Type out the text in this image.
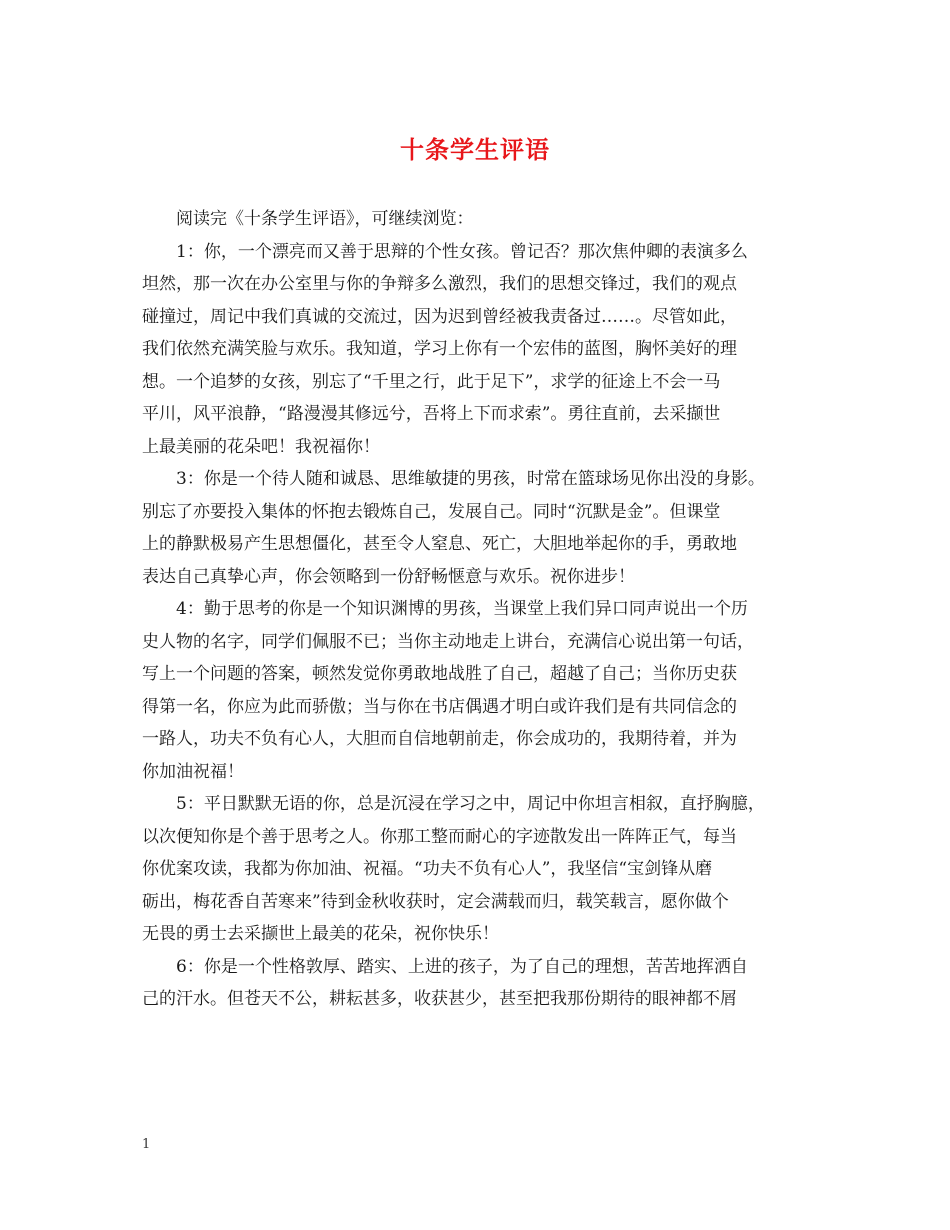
十条学生评语
阅读完《十条学生评语》，可继续浏览：
1：你，一个漂亮而又善于思辩的个性女孩。曾记否？那次焦仲卿的表演多么
坦然，那一次在办公室里与你的争辩多么激烈，我们的思想交锋过，我们的观点
碰撞过，周记中我们真诚的交流过，因为迟到曾经被我责备过……。尽管如此，
我们依然充满笑脸与欢乐。我知道，学习上你有一个宏伟的蓝图，胸怀美好的理
想。一个追梦的女孩，别忘了“千里之行，此于足下”，求学的征途上不会一马
平川，风平浪静，“路漫漫其修远兮，吾将上下而求索”。勇往直前，去采撷世
上最美丽的花朵吧！我祝福你！
3：你是一个待人随和诚恳、思维敏捷的男孩，时常在篮球场见你出没的身影。
别忘了亦要投入集体的怀抱去锻炼自己，发展自己。同时“沉默是金”。但课堂
上的静默极易产生思想僵化，甚至令人窒息、死亡，大胆地举起你的手，勇敢地
表达自己真挚心声，你会领略到一份舒畅惬意与欢乐。祝你进步！
4：勤于思考的你是一个知识渊博的男孩，当课堂上我们异口同声说出一个历
史人物的名字，同学们佩服不已；当你主动地走上讲台，充满信心说出第一句话，
写上一个问题的答案，顿然发觉你勇敢地战胜了自己，超越了自己；当你历史获
得第一名，你应为此而骄傲；当与你在书店偶遇才明白或许我们是有共同信念的
一路人，功夫不负有心人，大胆而自信地朝前走，你会成功的，我期待着，并为
你加油祝福！
5：平日默默无语的你，总是沉浸在学习之中，周记中你坦言相叙，直抒胸臆，
以次便知你是个善于思考之人。你那工整而耐心的字迹散发出一阵阵正气，每当
你优案攻读，我都为你加油、祝福。“功夫不负有心人”，我坚信“宝剑锋从磨
砺出，梅花香自苦寒来”待到金秋收获时，定会满载而归，载笑载言，愿你做个
无畏的勇士去采撷世上最美的花朵，祝你快乐！
6：你是一个性格敦厚、踏实、上进的孩子，为了自己的理想，苦苦地挥洒自
己的汗水。但苍天不公，耕耘甚多，收获甚少，甚至把我那份期待的眼神都不屑
1
